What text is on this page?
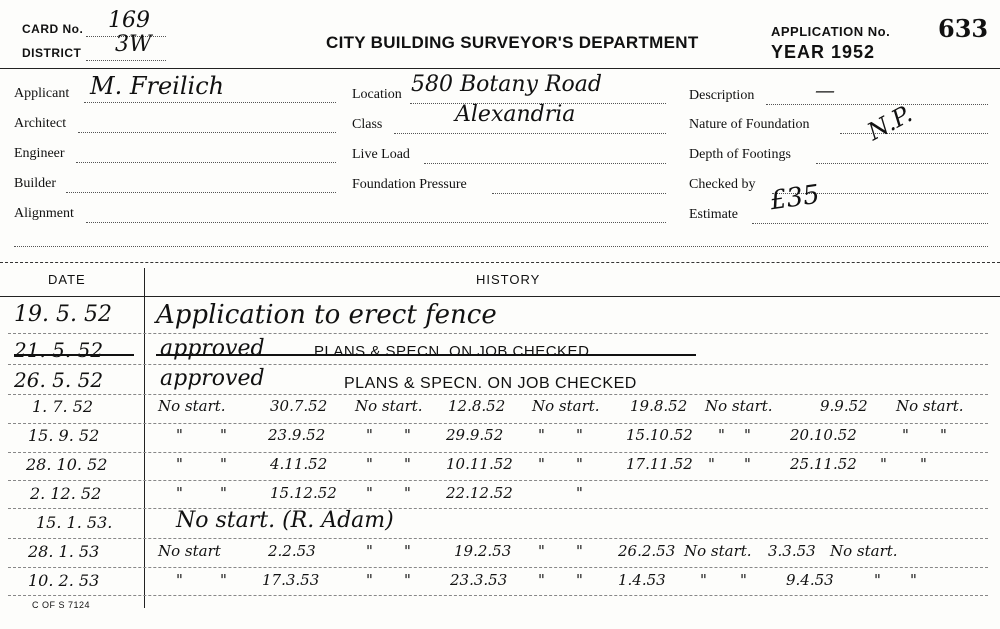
CARD No. 169
DISTRICT 3W	CITY BUILDING SURVEYOR'S DEPARTMENT
APPLICATION No. 633
YEAR 1952
Applicant M. Freilich
Architect
Engineer
Builder
Alignment
Location 580 Botany Road
Class	Alexandria
Live Load
Foundation Pressure
Description	—
Nature of Foundation N.P.
Depth of Footings
Checked by
Estimate £35
DATE	HISTORY
19. 5. 52 Application to erect fence
21. 5. 52	approved	PLANS & SPECN. ON JOB CHECKED
26. 5. 52	approved	PLANS & SPECN. ON JOB CHECKED
1. 7. 52	No start.	30.7.52 No start. 12.8.52 No start. 19.8.52 No start.	9.9.52 No start.
15. 9. 52	" "	23.9.52	" " 29.9.52 " "	15.10.52 " "	20.10.52	" "
28. 10. 52	" "	4.11.52	" " 10.11.52 " "	17.11.52 " "	25.11.52 " "
2. 12. 52	" "	15.12.52 " " 22.12.52	"
15. 1. 53.	No start. (R. Adam)
28. 1. 53	No start	2.2.53	" "	19.2.53 " " 26.2.53 No start. 3.3.53 No start.
10. 2. 53	" " 17.3.53	" "	23.3.53 " " 1.4.53 " "	9.4.53	" "
C OF S 7124
